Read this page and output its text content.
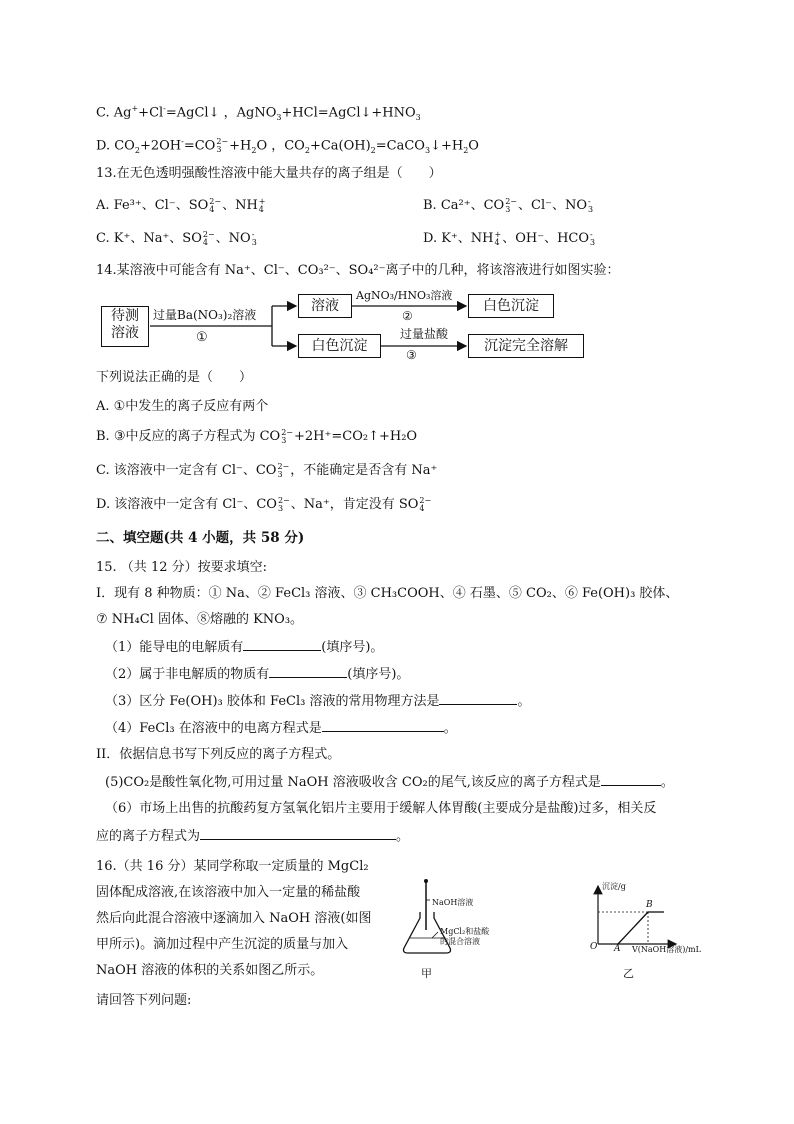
C. Ag++Cl-=AgCl↓ ，$AgNO_3+HCl=AgCl↓+HNO_3$
D. $CO_2+2OH^-=CO$ 2−
$3 +H_2O$ ，$CO_2+Ca(OH)_2=CaCO_3↓+H_2O$
13.在无色透明强酸性溶液中能大量共存的离子组是（　　）
A. Fe³⁺、Cl⁻、SO 2−
4 、NH +
4	B. Ca²⁺、CO 2−
3 、Cl⁻、NO -
3
C. K⁺、Na⁺、SO 2−
4 、NO -
3	D. K⁺、NH +
4 、OH⁻、HCO -
3
14.某溶液中可能含有 Na⁺、Cl⁻、CO₃²⁻、SO₄²⁻离子中的几种，将该溶液进行如图实验：
待测
溶液
过量Ba(NO₃)₂溶液
①
溶液
AgNO₃/HNO₃溶液
②
白色沉淀
白色沉淀
过量盐酸
③
沉淀完全溶解
下列说法正确的是（　　）
A. ①中发生的离子反应有两个
B. ③中反应的离子方程式为 CO 2−
3 +2H⁺=CO₂↑+H₂O
C. 该溶液中一定含有 Cl⁻、CO 2−
3 ，不能确定是否含有 Na⁺
D. 该溶液中一定含有 Cl⁻、CO 2−
3 、Na⁺，肯定没有 SO 2−
4
二、填空题(共 4 小题，共 58 分)
15. （共 12 分）按要求填空:
I．现有 8 种物质：① Na、② FeCl₃ 溶液、③ CH₃COOH、④ 石墨、⑤ CO₂、⑥ Fe(OH)₃ 胶体、
⑦ NH₄Cl 固体、⑧熔融的 KNO₃。
（1）能导电的电解质有	(填序号)。
（2）属于非电解质的物质有	(填序号)。
（3）区分 Fe(OH)₃ 胶体和 FeCl₃ 溶液的常用物理方法是	。
（4）FeCl₃ 在溶液中的电离方程式是	。
II．依据信息书写下列反应的离子方程式。
(5)CO₂是酸性氧化物,可用过量 NaOH 溶液吸收含 CO₂的尾气,该反应的离子方程式是	。
（6）市场上出售的抗酸药复方氢氧化铝片主要用于缓解人体胃酸(主要成分是盐酸)过多，相关反
应的离子方程式为	。
16.（共 16 分）某同学称取一定质量的 MgCl₂
固体配成溶液,在该溶液中加入一定量的稀盐酸
然后向此混合溶液中逐滴加入 NaOH 溶液(如图
甲所示)。滴加过程中产生沉淀的质量与加入
NaOH 溶液的体积的关系如图乙所示。
请回答下列问题:
NaOH溶液
MgCl₂和盐酸
的混合溶液
甲
沉淀/g
O A
B
V(NaOH溶液)/mL
乙
